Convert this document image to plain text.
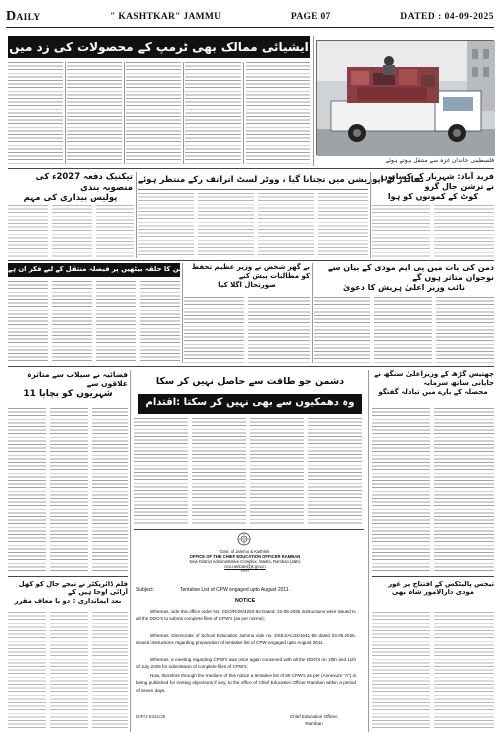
DAILY	" KASHTKAR" JAMMU	PAGE 07	DATED : 04-09-2025
ایشیائی ممالک بھی ٹرمپ کے محصولات کی زد میں
فلسطینی خاندان غزہ سے منتقل ہوتے ہوئے
تیکنیک دفعہ 2027ء کی منصوبہ بندی
پولیس بیداری کی مہم
تنتاندر لے اپوزیشن میں تجتانا گیا ، ووٹر لسٹ اتراتف رکے منتظر ہوئے
فرید آباد: شہریار کے کسانوں نے ترشن جال گرو
کوٹ کے کمونوں کو ہوا
الکیشن کا حلقہ بیٹھیں پر فیصلہ منتقل کے لیے فکر ان ہے
بے گھر شخص نے وزیر عظیم تحفظ کو مطالبات پیش کیے
صورتحال اگلا کیا
دمن کی بات میں پی ایم مودی کے بیان سے نوجوان متاثر ہوں گے
نائب وزیر اعلیٰ ہریش کا دعویٰ
فضائیہ نے سیلاب سے متاثرہ علاقوں سے
11 شہریوں کو بچایا
دشمن جو طاقت سے حاصل نہیں کر سکا
وہ دھمکیوں سے بھی نہیں کر سکتا :اقتدام
چھتیس گڑھ کے وزیراعلیٰ سنگھ نے جاپانی ساتھ سرمایہ
محصلہ کے بارے میں تبادلہ گفتگو
فلم ڈائریکٹر نے تیجے جال کو کھل آرائی اوجا ہیں کے
بعد ایمانداری : دو یا معاف مقرر
تیجس پالیٹکس کے افتتاح پر غور
مودی دارالامور شاہ بھی
Govt. of Jammu & Kashmir,
OFFICE OF THE CHIEF EDUCATION OFFICER RAMBAN
New District Administrative Complex, Maitra, Ramban (J&K)
ceo.ramban@jk.gov.in
*****
Subject:	Tentative List of CPW engaged upto August 2011.
NOTICE
Whereas, vide this office order No: CEO/R/25/4253-63 Dated: 22-05-2025 instructions were issued to all the DDO's to submit complete files of CPW's (as per norms);
Whereas, Directorate of School Education Jammu vide no. DSEJ/Accts/1641-58 dated 03.05.2025, issued instructions regarding preparation of tentative list of CPW engaged upto August 2011.
Whereas, a meeting regarding CPW's was once again convened with all the DDO's on 10th and 11th of July 2025 for submission of complete files of CPW's;
Now, therefore through the medium of this notice a tentative list of 89 CPW's as per (Annexure "A") is being published for inviting objections if any, to the office of Chief Education Officer Ramban within a period of seven days.
Chief Education Officer,
Ramban
DIP/J-5341/25
